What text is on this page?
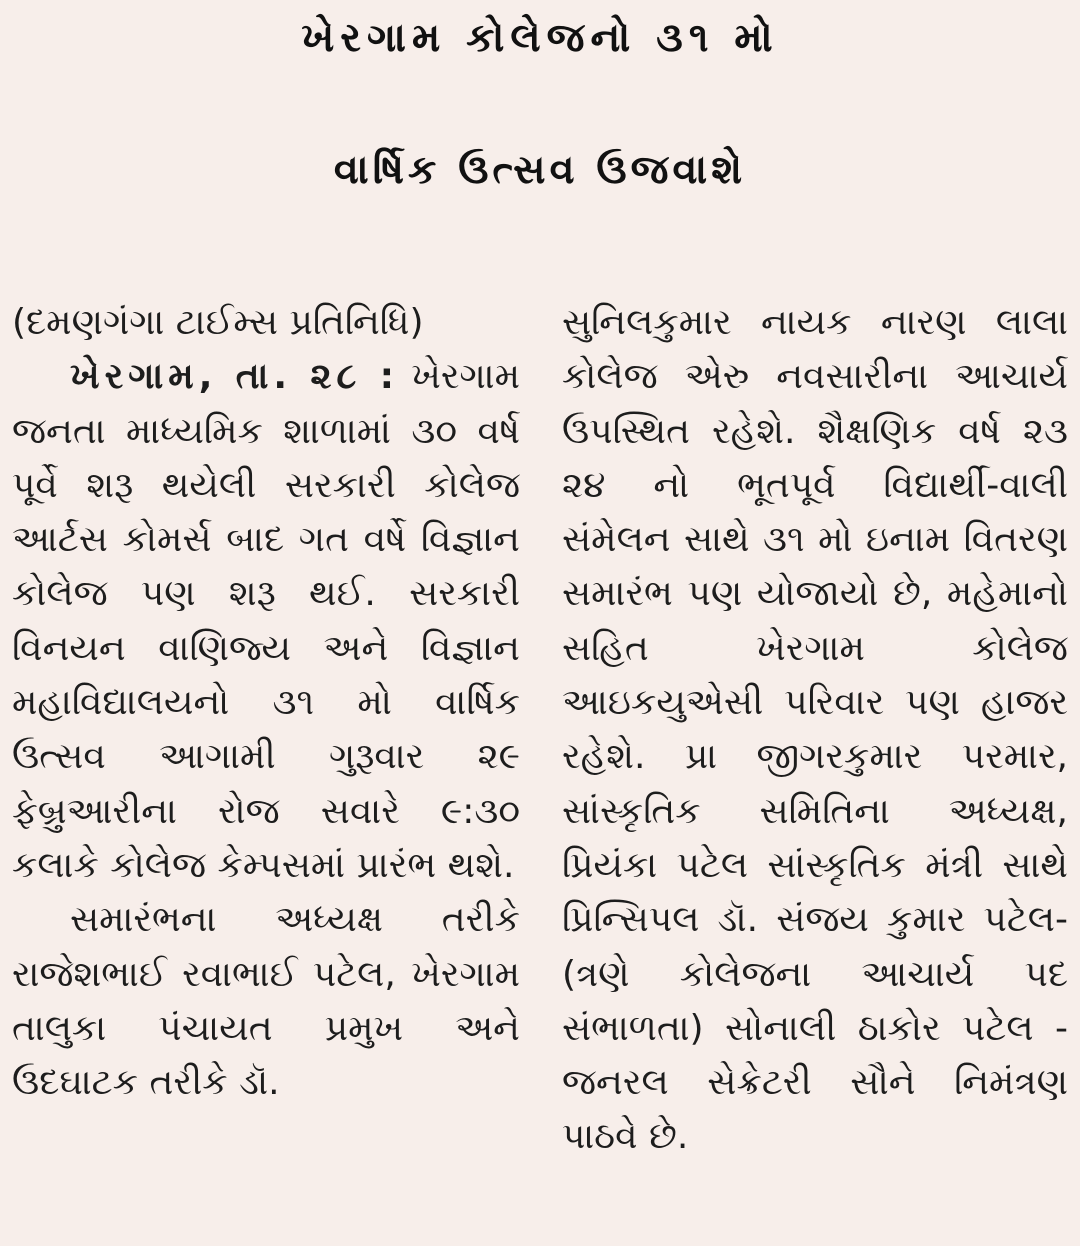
ખેરગામ કોલેજનો ૩૧ મો
વાર્ષિક ઉત્સવ ઉજવાશે
(દમણગંગા ટાઈમ્સ પ્રતિનિધિ)

ખેરગામ, તા. ૨૮ : ખેરગામ જનતા માધ્યમિક શાળામાં ૩૦ વર્ષ પૂર્વે શરૂ થયેલી સરકારી કોલેજ આર્ટસ કોમર્સ બાદ ગત વર્ષે વિજ્ઞાન કોલેજ પણ શરૂ થઈ. સરકારી વિનયન વાણિજ્ય અને વિજ્ઞાન મહાવિદ્યાલયનો ૩૧ મો વાર્ષિક ઉત્સવ આગામી ગુરૂવાર ૨૯ ફેબ્રુઆરીના રોજ સવારે ૯:૩૦ કલાકે કોલેજ કેમ્પસમાં પ્રારંભ થશે.

સમારંભના અધ્યક્ષ તરીકે રાજેશભાઈ રવાભાઈ પટેલ, ખેરગામ તાલુકા પંચાયત પ્રમુખ અને ઉદઘાટક તરીકે ડૉ.

સુનિલકુમાર નાયક નારણ લાલા કોલેજ એરુ નવસારીના આચાર્ય ઉપસ્થિત રહેશે. શૈક્ષણિક વર્ષ ૨૩ ૨૪ નો ભૂતપૂર્વ વિદ્યાર્થી-વાલી સંમેલન સાથે ૩૧ મો ઇનામ વિતરણ સમારંભ પણ યોજાયો છે, મહેમાનો સહિત ખેરગામ કોલેજ આઇકયુએસી પરિવાર પણ હાજર રહેશે. પ્રા જીગરકુમાર પરમાર, સાંસ્કૃતિક સમિતિના અધ્યક્ષ, પ્રિયંકા પટેલ સાંસ્કૃતિક મંત્રી સાથે પ્રિન્સિપલ ડૉ. સંજય કુમાર પટેલ- (ત્રણે કોલેજના આચાર્ય પદ સંભાળતા) સોનાલી ઠાકોર પટેલ - જનરલ સેક્રેટરી સૌને નિમંત્રણ પાઠવે છે.
